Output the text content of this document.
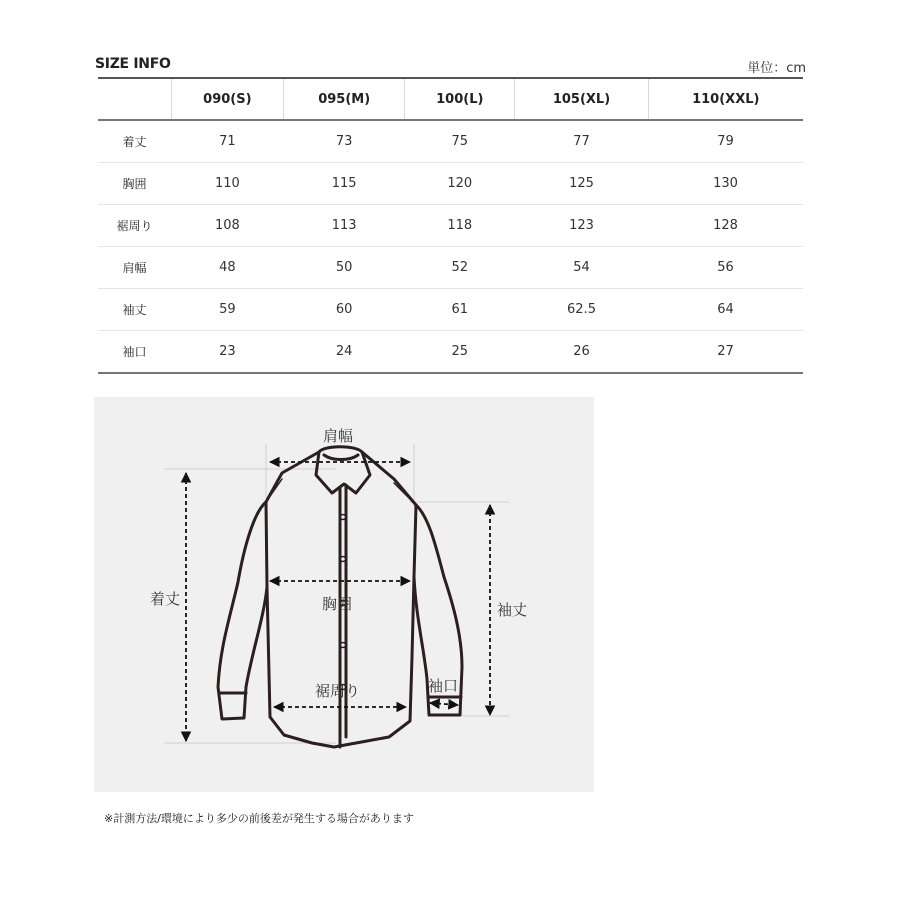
SIZE INFO	単位：cm
	090(S)	095(M)	100(L)	105(XL)	110(XXL)
着丈	71	73	75	77	79
胸囲	110	115	120	125	130
裾周り	108	113	118	123	128
肩幅	48	50	52	54	56
袖丈	59	60	61	62.5	64
袖口	23	24	25	26	27
肩幅
着丈	胸囲	袖丈
裾周り	袖口
※計測方法/環境により多少の前後差が発生する場合があります
